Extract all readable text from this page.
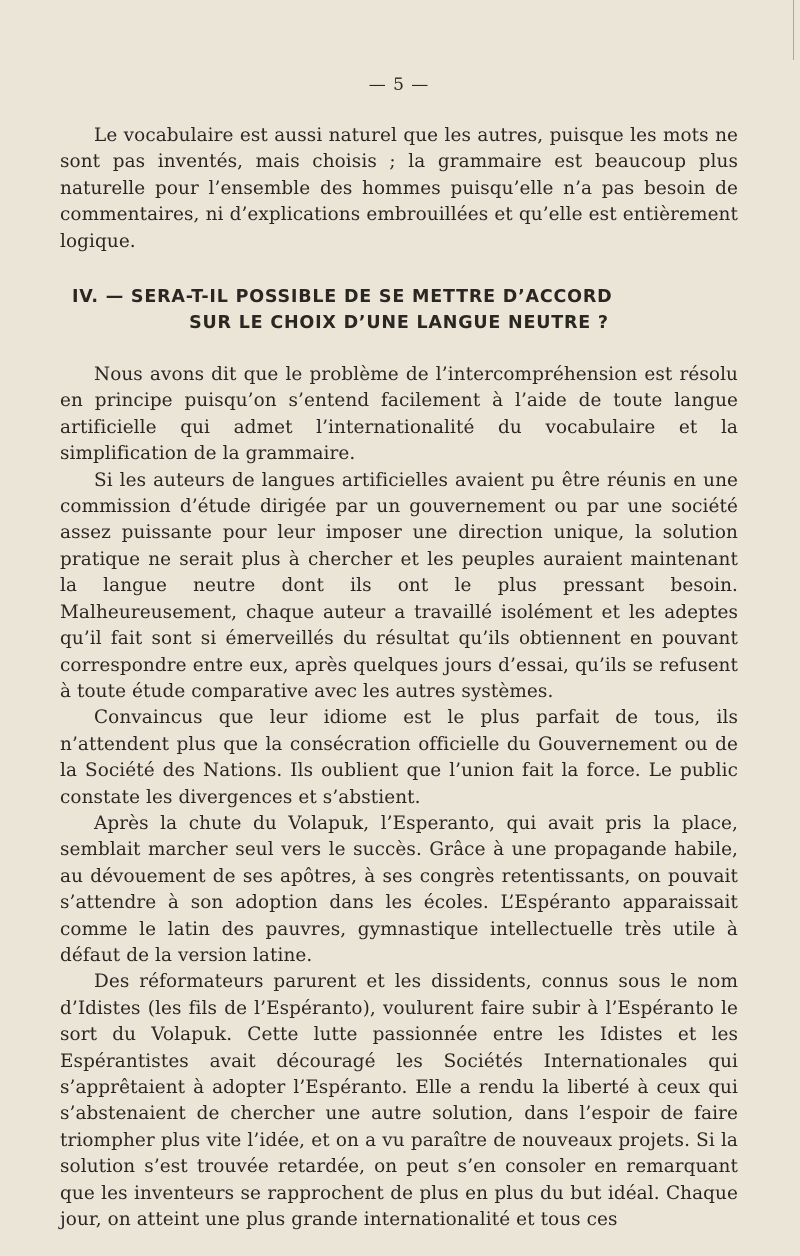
— 5 —

Le vocabulaire est aussi naturel que les autres, puisque les mots ne sont pas inventés, mais choisis ; la grammaire est beaucoup plus naturelle pour l’ensemble des hommes puisqu’elle n’a pas besoin de commentaires, ni d’explications embrouillées et qu’elle est entièrement logique.

IV. — SERA-T-IL POSSIBLE DE SE METTRE D’ACCORD
SUR LE CHOIX D’UNE LANGUE NEUTRE ?

Nous avons dit que le problème de l’intercompréhension est résolu en principe puisqu’on s’entend facilement à l’aide de toute langue artificielle qui admet l’internationalité du vocabulaire et la simplification de la grammaire.

Si les auteurs de langues artificielles avaient pu être réunis en une commission d’étude dirigée par un gouvernement ou par une société assez puissante pour leur imposer une direction unique, la solution pratique ne serait plus à chercher et les peuples auraient maintenant la langue neutre dont ils ont le plus pressant besoin. Malheureusement, chaque auteur a travaillé isolément et les adeptes qu’il fait sont si émerveillés du résultat qu’ils obtiennent en pouvant correspondre entre eux, après quelques jours d’essai, qu’ils se refusent à toute étude comparative avec les autres systèmes.

Convaincus que leur idiome est le plus parfait de tous, ils n’attendent plus que la consécration officielle du Gouvernement ou de la Société des Nations. Ils oublient que l’union fait la force. Le public constate les divergences et s’abstient.

Après la chute du Volapuk, l’Esperanto, qui avait pris la place, semblait marcher seul vers le succès. Grâce à une propagande habile, au dévouement de ses apôtres, à ses congrès retentissants, on pouvait s’attendre à son adoption dans les écoles. L’Espéranto apparaissait comme le latin des pauvres, gymnastique intellectuelle très utile à défaut de la version latine.

Des réformateurs parurent et les dissidents, connus sous le nom d’Idistes (les fils de l’Espéranto), voulurent faire subir à l’Espéranto le sort du Volapuk. Cette lutte passionnée entre les Idistes et les Espérantistes avait découragé les Sociétés Internationales qui s’apprêtaient à adopter l’Espéranto. Elle a rendu la liberté à ceux qui s’abstenaient de chercher une autre solution, dans l’espoir de faire triompher plus vite l’idée, et on a vu paraître de nouveaux projets. Si la solution s’est trouvée retardée, on peut s’en consoler en remarquant que les inventeurs se rapprochent de plus en plus du but idéal. Chaque jour, on atteint une plus grande internationalité et tous ces
